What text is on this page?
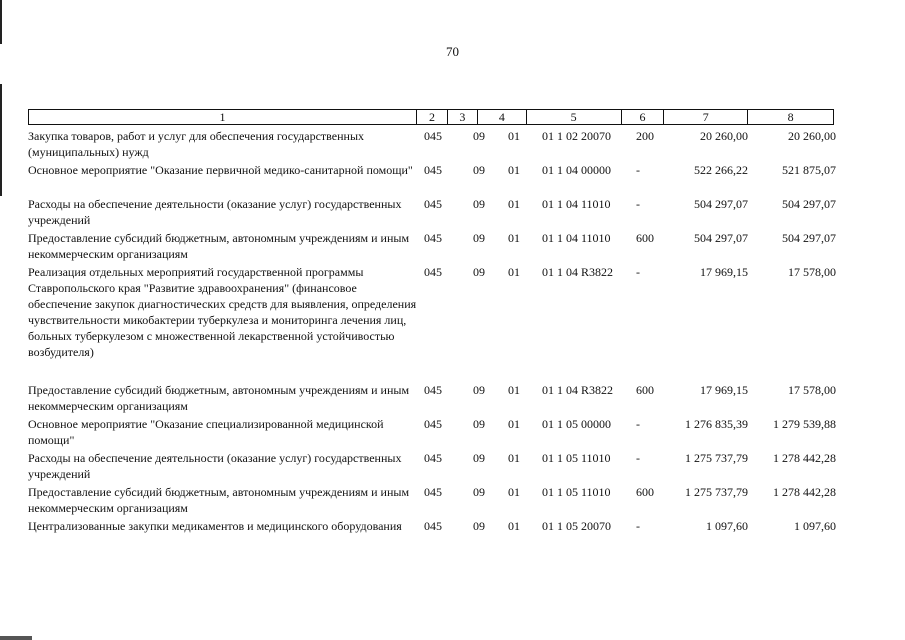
70
1	2	3	4	5	6	7	8
Закупка товаров, работ и услуг для обеспечения государственных (муниципальных) нужд
045	09	01	01 1 02 20070	200	20 260,00	20 260,00
Основное мероприятие "Оказание первичной медико-санитарной помощи" 045	09	01	01 1 04 00000	-	522 266,22	521 875,07
Расходы на обеспечение деятельности (оказание услуг) государственных учреждений
045	09	01	01 1 04 11010	-	504 297,07	504 297,07
Предоставление субсидий бюджетным, автономным учреждениям и иным некоммерческим организациям
045	09	01	01 1 04 11010	600	504 297,07	504 297,07
Реализация отдельных мероприятий государственной программы Ставропольского края "Развитие здравоохранения" (финансовое обеспечение закупок диагностических средств для выявления, определения чувствительности микобактерии туберкулеза и мониторинга лечения лиц, больных туберкулезом с множественной лекарственной устойчивостью возбудителя)
045	09	01	01 1 04 R3822	-	17 969,15	17 578,00
Предоставление субсидий бюджетным, автономным учреждениям и иным некоммерческим организациям
045	09	01	01 1 04 R3822	600	17 969,15	17 578,00
Основное мероприятие "Оказание специализированной медицинской помощи"
045	09	01	01 1 05 00000	-	1 276 835,39	1 279 539,88
Расходы на обеспечение деятельности (оказание услуг) государственных учреждений
045	09	01	01 1 05 11010	-	1 275 737,79	1 278 442,28
Предоставление субсидий бюджетным, автономным учреждениям и иным некоммерческим организациям
045	09	01	01 1 05 11010	600	1 275 737,79	1 278 442,28
Централизованные закупки медикаментов и медицинского оборудования	045	09	01	01 1 05 20070	-	1 097,60	1 097,60
